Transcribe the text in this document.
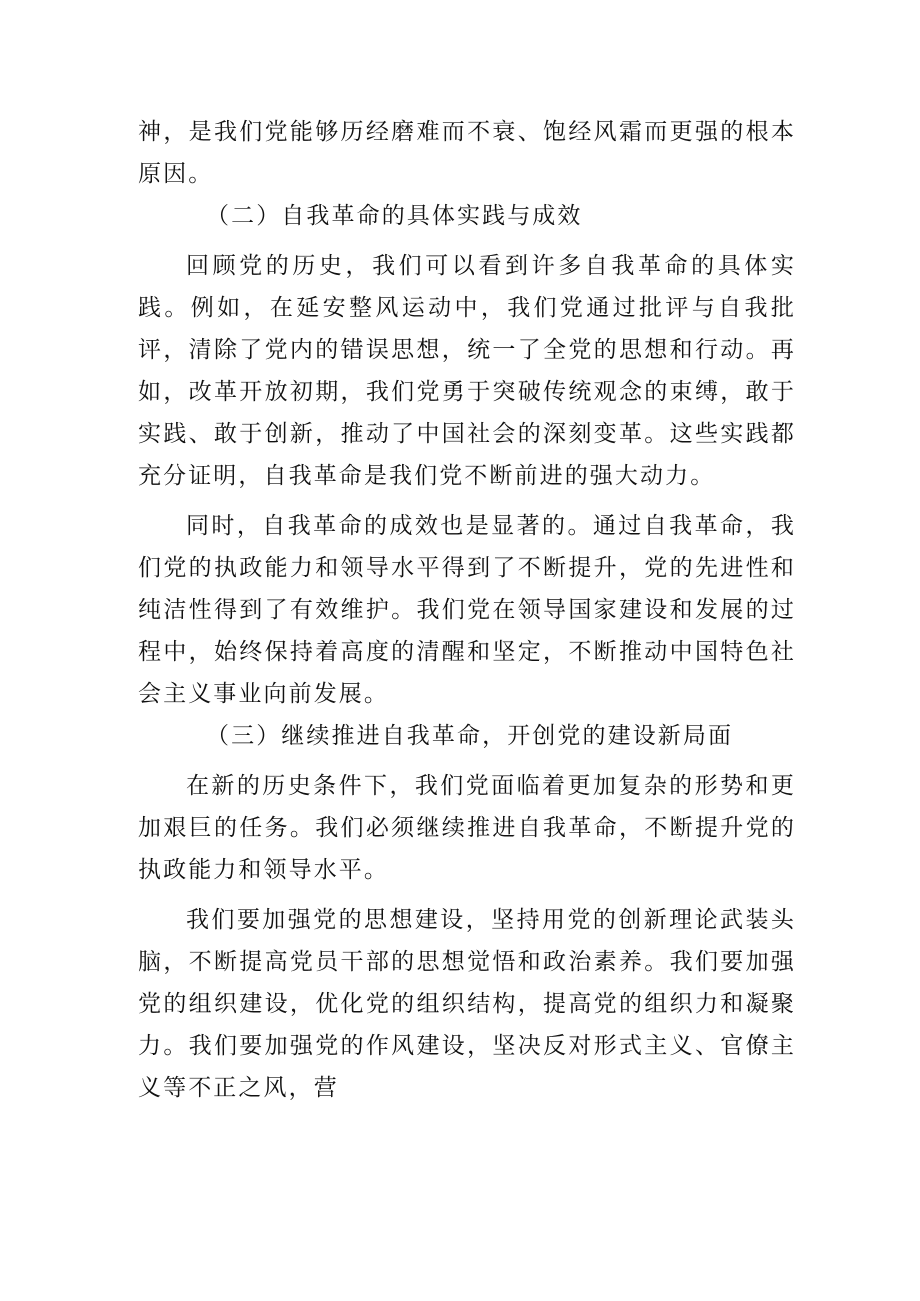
神，是我们党能够历经磨难而不衰、饱经风霜而更强的根本原因。

（二）自我革命的具体实践与成效

回顾党的历史，我们可以看到许多自我革命的具体实践。例如，在延安整风运动中，我们党通过批评与自我批评，清除了党内的错误思想，统一了全党的思想和行动。再如，改革开放初期，我们党勇于突破传统观念的束缚，敢于实践、敢于创新，推动了中国社会的深刻变革。这些实践都充分证明，自我革命是我们党不断前进的强大动力。

同时，自我革命的成效也是显著的。通过自我革命，我们党的执政能力和领导水平得到了不断提升，党的先进性和纯洁性得到了有效维护。我们党在领导国家建设和发展的过程中，始终保持着高度的清醒和坚定，不断推动中国特色社会主义事业向前发展。

（三）继续推进自我革命，开创党的建设新局面

在新的历史条件下，我们党面临着更加复杂的形势和更加艰巨的任务。我们必须继续推进自我革命，不断提升党的执政能力和领导水平。

我们要加强党的思想建设，坚持用党的创新理论武装头脑，不断提高党员干部的思想觉悟和政治素养。我们要加强党的组织建设，优化党的组织结构，提高党的组织力和凝聚力。我们要加强党的作风建设，坚决反对形式主义、官僚主义等不正之风，营
